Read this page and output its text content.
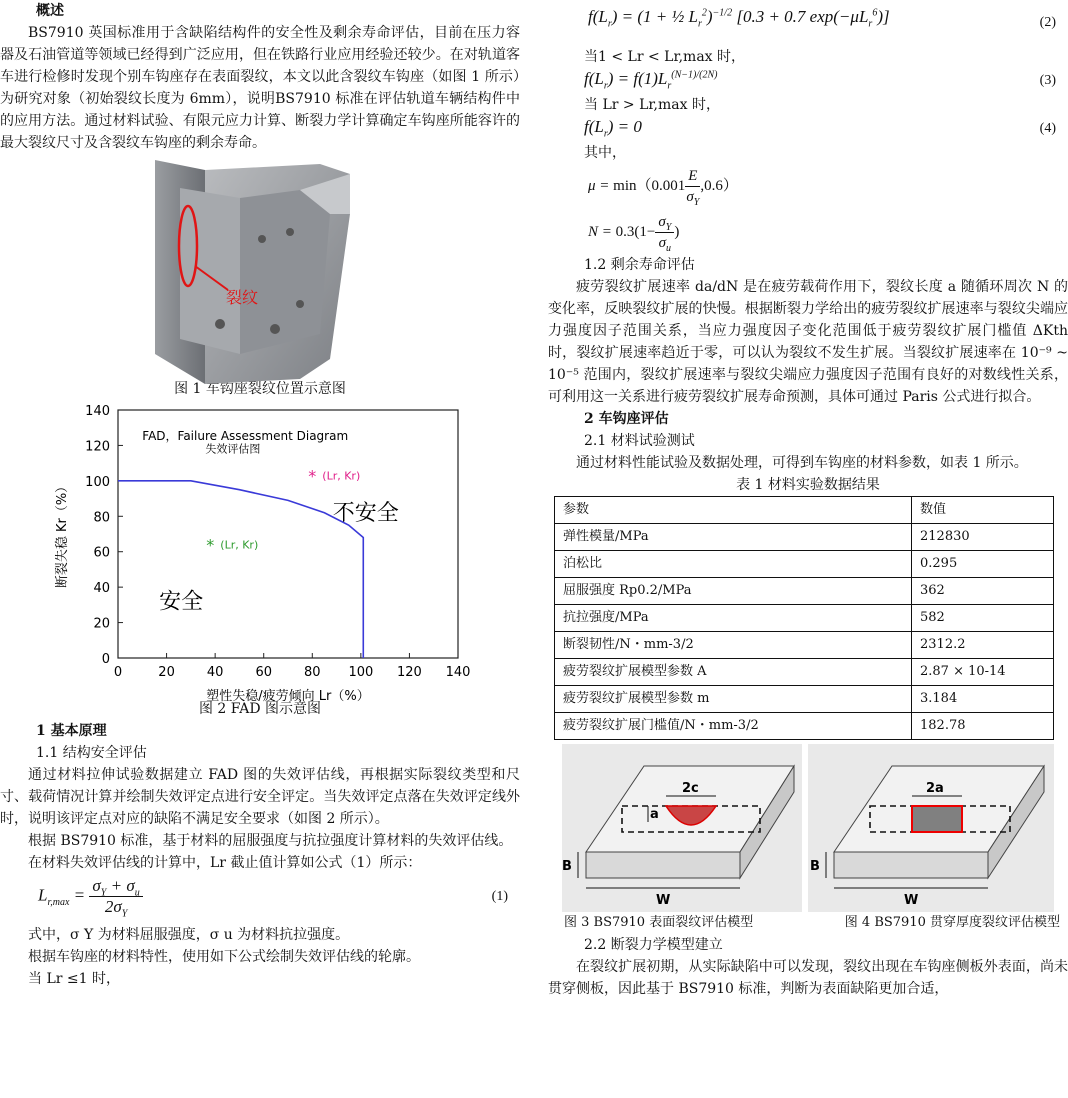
概述

BS7910 英国标准用于含缺陷结构件的安全性及剩余寿命评估，目前在压力容器及石油管道等领域已经得到广泛应用，但在铁路行业应用经验还较少。在对轨道客车进行检修时发现个别车钩座存在表面裂纹，本文以此含裂纹车钩座（如图 1 所示）为研究对象（初始裂纹长度为 6mm），说明BS7910 标准在评估轨道车辆结构件中的应用方法。通过材料试验、有限元应力计算、断裂力学计算确定车钩座所能容许的最大裂纹尺寸及含裂纹车钩座的剩余寿命。

裂纹

图 1 车钩座裂纹位置示意图

0	20 40 60 80 100 120 140
0
20
40
60
80
100
120
140
* (Lr, Kr)
* (Lr, Kr)
FAD，Failure Assessment Diagram
失效评估图
不安全
安全
塑性失稳/疲劳倾向 Lr（%）
断裂失稳 Kr（%）

图 2 FAD 图示意图

1 基本原理

1.1 结构安全评估

通过材料拉伸试验数据建立 FAD 图的失效评估线，再根据实际裂纹类型和尺寸、载荷情况计算并绘制失效评定点进行安全评定。当失效评定点落在失效评定线外时，说明该评定点对应的缺陷不满足安全要求（如图 2 所示）。

根据 BS7910 标准，基于材料的屈服强度与抗拉强度计算材料的失效评估线。

在材料失效评估线的计算中，Lr 截止值计算如公式（1）所示：

$L_{r,max} = \frac{\sigma_Y + \sigma_u}{2\sigma_Y}$	(1)

式中，σ Y 为材料屈服强度，σ u 为材料抗拉强度。

根据车钩座的材料特性，使用如下公式绘制失效评估线的轮廓。

当 Lr ≤1 时，

$f(L_r) = (1$ + ½ $L_r^2)^{-1/2}$ [0.3 + 0.7 $\exp(-\mu L_r^6)$]	(2)

当1 < Lr < Lr,max 时，

$f(L_r) = f(1)L_r^{(N-1)/(2N)}$	(3)

当 Lr > Lr,max 时，

$f(L_r) = 0$	(4)

其中，

$\mu = \min(0.001 \frac{E}{\sigma_Y} ,0.6)$
$N = 0.3(1- \frac{\sigma_Y}{\sigma_u}$ )

1.2 剩余寿命评估

疲劳裂纹扩展速率 da/dN 是在疲劳载荷作用下，裂纹长度 a 随循环周次 N 的变化率，反映裂纹扩展的快慢。根据断裂力学给出的疲劳裂纹扩展速率与裂纹尖端应力强度因子范围关系，当应力强度因子变化范围低于疲劳裂纹扩展门槛值 ΔKth 时，裂纹扩展速率趋近于零，可以认为裂纹不发生扩展。当裂纹扩展速率在 10⁻⁹ ~ 10⁻⁵ 范围内，裂纹扩展速率与裂纹尖端应力强度因子范围有良好的对数线性关系，可利用这一关系进行疲劳裂纹扩展寿命预测，具体可通过 Paris 公式进行拟合。

2 车钩座评估

2.1 材料试验测试

通过材料性能试验及数据处理，可得到车钩座的材料参数，如表 1 所示。

表 1 材料实验数据结果

参数	数值
弹性模量/MPa	212830
泊松比	0.295
屈服强度 Rp0.2/MPa	362
抗拉强度/MPa	582
断裂韧性/N・mm-3/2	2312.2
疲劳裂纹扩展模型参数 A	2.87 × 10-14
疲劳裂纹扩展模型参数 m	3.184
疲劳裂纹扩展门槛值/N・mm-3/2	182.78
2c
a
B
W
2a
B
W
图 3 BS7910 表面裂纹评估模型	图 4 BS7910 贯穿厚度裂纹评估模型

2.2 断裂力学模型建立

在裂纹扩展初期，从实际缺陷中可以发现，裂纹出现在车钩座侧板外表面，尚未贯穿侧板，因此基于 BS7910 标准，判断为表面缺陷更加合适，
